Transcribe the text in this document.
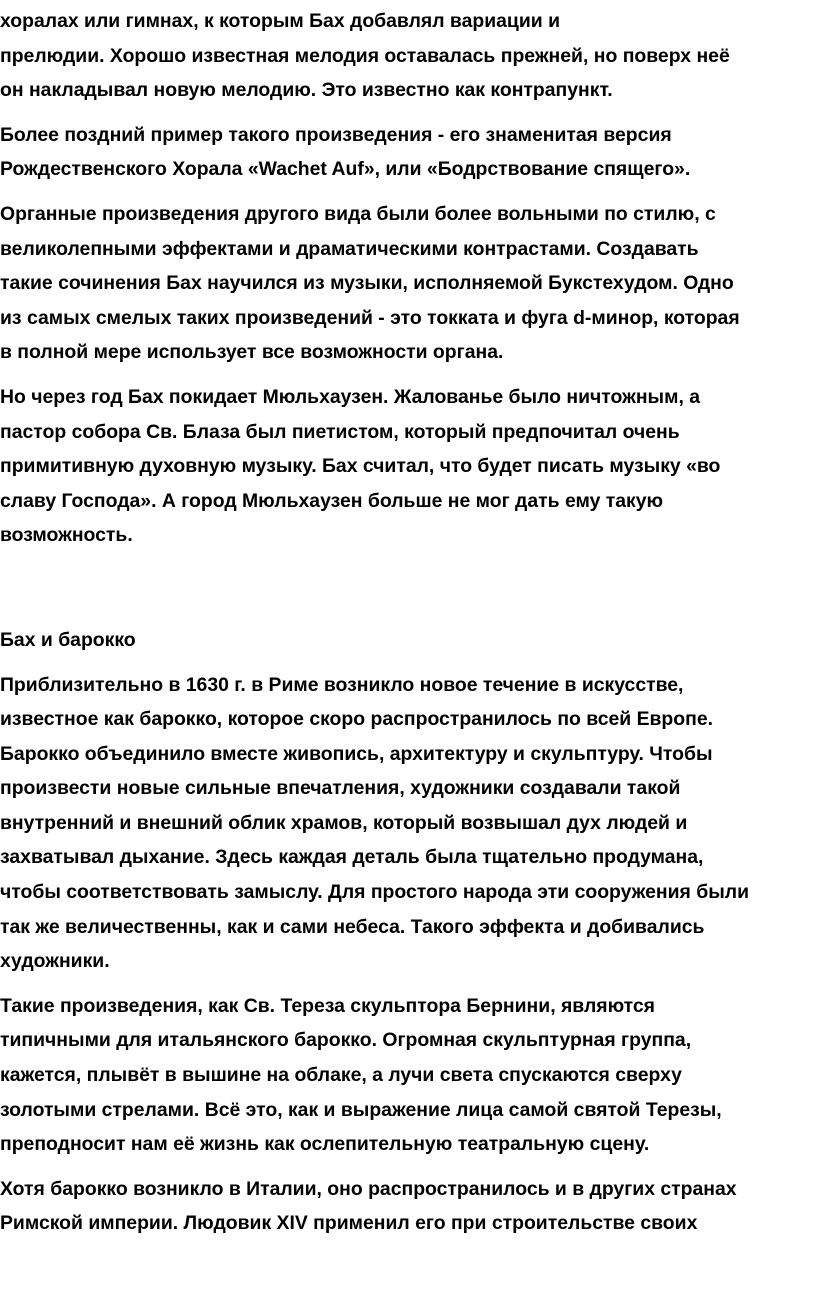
хоралах или гимнах, к которым Бах добавлял вариации и
прелюдии. Хорошо известная мелодия оставалась прежней, но поверх неё
он накладывал новую мелодию. Это известно как контрапункт.
Более поздний пример такого произведения - его знаменитая версия
Рождественского Хорала «Wachet Auf», или «Бодрствование спящего».
Органные произведения другого вида были более вольными по стилю, с
великолепными эффектами и драматическими контрастами. Создавать
такие сочинения Бах научился из музыки, исполняемой Букстехудом. Одно
из самых смелых таких произведений - это токката и фуга d-минор, которая
в полной мере использует все возможности органа.
Но через год Бах покидает Мюльхаузен. Жалованье было ничтожным, а
пастор собора Св. Блаза был пиетистом, который предпочитал очень
примитивную духовную музыку. Бах считал, что будет писать музыку «во
славу Господа». А город Мюльхаузен больше не мог дать ему такую
возможность.
Бах и барокко
Приблизительно в 1630 г. в Риме возникло новое течение в искусстве,
известное как барокко, которое скоро распространилось по всей Европе.
Барокко объединило вместе живопись, архитектуру и скульптуру. Чтобы
произвести новые сильные впечатления, художники создавали такой
внутренний и внешний облик храмов, который возвышал дух людей и
захватывал дыхание. Здесь каждая деталь была тщательно продумана,
чтобы соответствовать замыслу. Для простого народа эти сооружения были
так же величественны, как и сами небеса. Такого эффекта и добивались
художники.
Такие произведения, как Св. Тереза скульптора Бернини, являются
типичными для итальянского барокко. Огромная скульптурная группа,
кажется, плывёт в вышине на облаке, а лучи света спускаются сверху
золотыми стрелами. Всё это, как и выражение лица самой святой Терезы,
преподносит нам её жизнь как ослепительную театральную сцену.
Хотя барокко возникло в Италии, оно распространилось и в других странах
Римской империи. Людовик XIV применил его при строительстве своих
